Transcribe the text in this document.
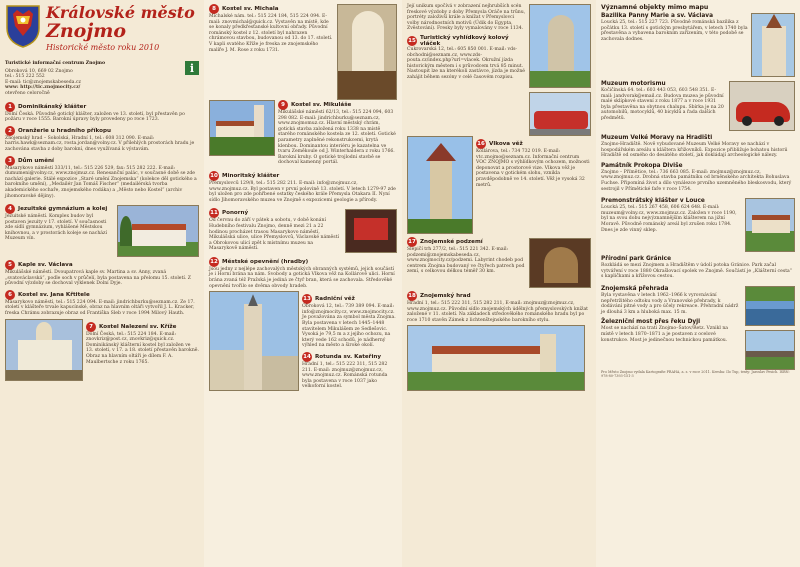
Královské město
Znojmo
Historické město roku 2010

Turistické informační centrum Znojmo

Obroková 10, 669 02 Znojmo

tel.: 515 222 552

E-mail: tic@znojemskabeseda.cz

www: http://tic.znojmocity.cz/

otevřeno celoročně

i
1	Dominikánský klášter

Dolní Česká. Původně gotický klášter, založen ve 13. století, byl přestavěn po požáru v roce 1555. Barokní úpravy byly provedeny po roce 1723.

2	Oranžerie u hradního příkopu

Znojemský hrad – Sokolská, Hradní 1, tel.: 608 312 090. E-mail: harris.hawk@seznam.cz, rosta.jordan@volny.cz. V přilehlých prostorách hradu je zachována stavba z doby barokní, dnes využívaná k výstavám.

3	Dům umění

Masarykovo náměstí 333/11, tel.: 515 226 529, fax: 515 282 222. E-mail: dumumeni@volny.cz, www.znojmuz.cz. Renesanční palác, v současné době se zde nachází galerie. Stálé expozice „Staré umění Znojemska“ (kolekce děl gotického a barokního umění), „Medailér Jan Tomáš Fischer“ (medailérská tvorba akademického sochaře, znojemského rodáka) a „Město nebo Kostel“ (archiv jihomoravské dějiny).

4	Jezuitské gymnázium a kolej

Jezuitské náměstí. Komplex budov byl postaven jezuity v 17. století. V současnosti zde sídlí gymnázium, vyhlášené Městskou knihovnou, a v prostorách koleje se nachází Muzeum vín.

5	Kaple sv. Václava

Mikulášské náměstí. Dvoupatrová kaple sv. Martina a sv. Anny, zvaná „svatováclavská“, podle soch v průčelí, byla postavena na přelomu 15. století. Z původní výzdoby se dochoval výklenek Dolní Dyje.

6	Kostel sv. Jana Křtitele

Masarykovo náměstí, tel.: 515 224 094. E-mail: jindrichburku@seznam.cz. Ze 17. století v klášteře trvale kapucínské, obraz na hlavním oltáři vytvořil J. L. Kracker, freska Chrámu zobrazuje obraz od Františka Sleb v roce 1994 Milový Hauth.

7	Kostel Nalezení sv. Kříže

Dolní Česká, tel.: 515 224 184. E-mail: znovkriz@post.cz, znovkriz@quick.cz. Dominikánský klášterní kostel byl založen ve 13. století, v 17. a 18. století přestavěn barokně. Obraz na hlavním oltáři je dílem F. A. Maulbertsche z roku 1765.

8	Kostel sv. Michala

Michalské nám. tel.: 515 224 184, 515 224 094. E-mail: znovmichal@quick.cz. Vystavěn na místě, kde se konaly předkřesťanské kultovní obřady. Původní románský kostel z 12. století byl nahrazen chrámovou stavbou, budovanou od 13. do 17. století. V kapli svatého Kříže je freska ze znojemského malíře J. M. Rose z roku 1731.

9	Kostel sv. Mikuláše

Mikulášské náměstí 62/13, tel.: 515 224 094, 603 298 082. E-mail: jindrichburku@seznam.cz, www.znojmomuz.cz. Hlavní městský chrám, gotická stavba založená roku 1338 na místě starého románského kostela ze 12. století. Gotické parametry zaplněné rekonstrukcemi, krytá klenbou. Dominantou interiéru je kazatelna ve tvaru Zeměkoule od J. Winterhaldera z roku 1766. Barokní kruhy. O gotické trojlodní stavbě se dochoval kamenný portál.

10 Minoritský klášter

Přemyslovců 129/8, tel.: 515 282 211. E-mail: info@znojmuz.cz, www.znojmuz.cz. Byl postaven v první polovině 13. století. V letech 1279-97 zde byl uložen pro zde pohřbené ostatky českého krále Přemysla Otakara II. Nyní sídlo Jihomoravského muzea ve Znojmě s expozicemi geologie a přírody.

11 Ponorný

Od červnu do září v pátek a sobotu, v době konání Hudebního festivalu Znojmo, denně mezi 21 a 22 hodinou procházet trasou Masarykovo náměstí, Mikulášská ulice, ulice Přemyslovců, Václavské náměstí a Obrokovou ulicí zpět k místnímu muzeu na Masarykově náměstí.

12 Městské opevnění (hradby)

Jsou jedny z nejlépe zachovalých městských obranných systémů, jejich součástí je i Horní brána na nám. Svobody a gotická Vlkova věž na Kollárově ulici. Horní brána zvaná též Pražská je jediná ze čtyř bran, která se zachovala. Středověké opevnění tvořilo se dvěma obvody hradeb.

13 Radniční věž

Obroková 12, tel.: 739 389 094. E-mail: info@znojmocity.cz, www.znojmocity.cz. Je považována za symbol města Znojma. Byla postavena v letech 1445–1448 stavitelem Mikulášem ze Sedlešovic. Vysoká je 79,5 m a z jejího ochozu, na který vede 162 schodů, je nádherný výhled na město a široké okolí.

14 Rotunda sv. Kateřiny

Hradní 1, tel.: 515 222 311, 515 282 211. E-mail: znojmuz@znojmuz.cz, www.znojmuz.cz. Románská rotunda byla postavena v roce 1037 jako velkoforní kostel.

Její unikum spočívá v zobrazení nejhrubších scén freskové výzdoby z doby Přemysla Oráče na trůnu, portréty založivší krále a knížat v Přemyslovci volby národnostních motivů (Údik do Egypta, Zvěstování). Fresky byly vymalovány v roce 1134.

15 Turistický vyhlídkový kolový vláček

Cukrovarská 12, tel.: 605 850 001. E-mail: vds-obchodni@seznam.cz, www.zds-pouta.cz/index.php?url=vlacek. Okružní jízda historickým městem i s průvodcem trvá 85 minut. Nastoupit lze na kterékoli zastávce, jízda je možné zahájit během sezóny v celé časovém rozpisu.

16 Vlkova věž

Kollárova, tel.: 734 732 019. E-mail: vtc.znojmo@seznam.cz. Informační centrum VOC ZNOJMO s výhlídkovým ochozem, možnosti deponovat a prostorové vize. Vlkova věž je postavena v gotickém slohu, vznikla pravděpodobně ve 14. století. Věž je vysoká 32 metrů.

17 Znojemské podzemí

Slepičí trh 277/2, tel.: 515 221 342. E-mail: podzemi@znojemskabeseda.cz, www.znojmocity.cz/podzemi. Labyrint chodeb pod centrem Znojma budovaný ve čtyřech patrech pod zemí, s celkovou délkou téměř 30 km.

18 Znojemský hrad

Hradní 1, tel.: 515 222 311, 515 282 211, E-mail: znojmuz@znojmuz.cz, www.znojmuz.cz. Původní sídlo znojemských údělných přemyslovských knížat založené v 11. století. Na základech středověkého románského hradu byl po roce 1710 stavěn Zámek z lichtenštejnského barokního stylu.

Významné objekty mimo mapu
Bazilika Panny Marie a sv. Václava

Loucká 25, tel.: 515 227 723. Původně románská bazilika z počátku 13. století s gotickým presbytářem, v letech 1740 byla přestavěna a vybavena barokním zařízením, v této podobě se zachovala dodnes.

Muzeum motorismu

Kočičínská 64. tel.: 603 443 053, 603 548 351. E-mail: jandvorak@email.cz. Budova muzea je původní malé sklípkové stavení z roku 1877 a v roce 1931 byla přestavěna na obytnou chalupu. Sbírka je na 20 automobilů, motocyklů, 40 bicyklů a řada dalších předmětů.

Muzeum Velké Moravy na Hradišti

Znojmo-Hradiště. Nově vybudované Muzeum Velké Moravy se nachází v hospodářském areálu u kláštera křižovníků. Expozice přibližuje bohatou historii Hradiště od osmého do desátého století, jak dokládají archeologické nálezy.

Památník Prokopa Diviše

Znojmo – Přímětice, tel.: 736 663 085. E-mail: znojmuz@znojmuz.cz, www.znojmuz.cz. Drobná stavba památníku od brněnského architekta Bohuslava Fuchse. Připomíná život a dílo vynálezce prvního uzemněného bleskosvodu, který sestrojil v Přímětické faře v roce 1754.

Premonstrátský klášter v Louce

Loucká 25, tel.: 515 267 458, 606 624 648. E-mail: muzeum@volny.cz, www.znojmuz.cz. Založen v roce 1190, byl na svou dobu nejvýznamnějším klášterem na jižní Moravě. Původně románský areál byl zrušen roku 1784. Dnes je zde vinný sklep.

Přírodní park Gránice

Rozkládá se mezi Znojmem a Hradištěm v údolí potoka Gránice. Park začal vytváření v roce 1880 Okrašlovací spolek ve Znojmě. Součástí je „Klášterní cesta“ s kapličkami a křížovou cestou.

Znojemská přehrada

Byla vystavěna v letech 1962–1966 k vyrovnávání nepřetržitého odtoku vody a Vranovské přehrady, k dodávání pitné vody a pro účely rekreace. Přehradní nádrž je dlouhá 3 km a hluboká max. 15 m.

Železniční most přes řeku Dyji

Most se nachází na trati Znojmo–Šatov/Retz. Vznikl na místě v letech 1870–1871 a je postaven z ocelové konstrukce. Most je jedinečnou technickou památkou.

Pro Město Znojmo vydala Kartografie PRAHA, a. s. v roce 2011. Kresba: Ilo Tup, texty: Jaroslav Pesich. ISBN: 978-80-7393-151-3
